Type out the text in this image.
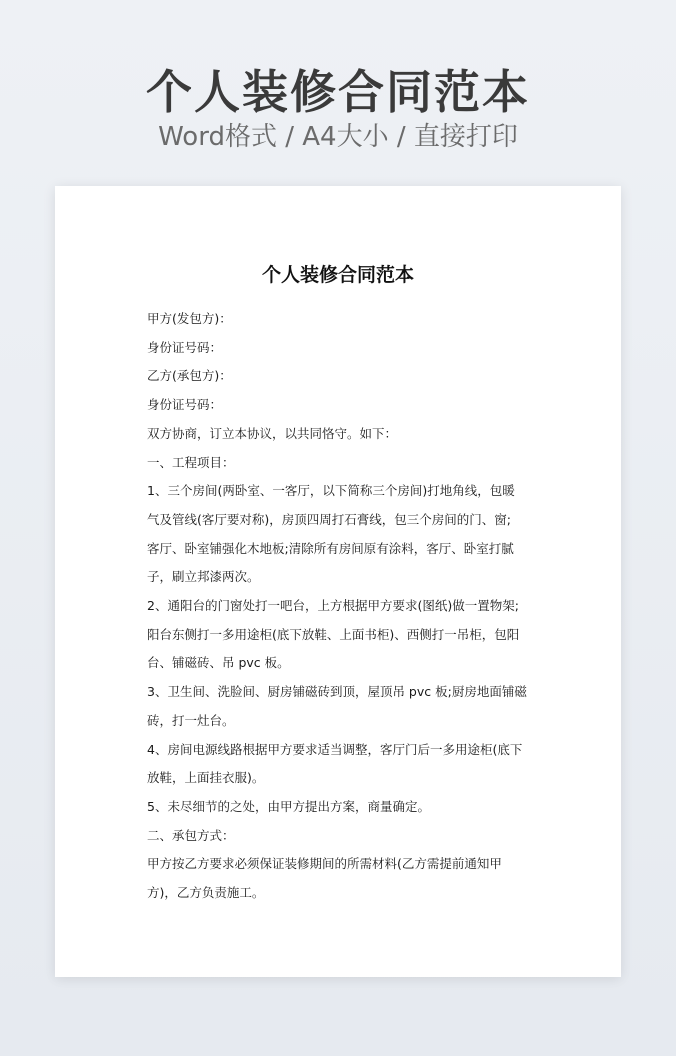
个人装修合同范本
Word格式 / A4大小 / 直接打印
个人装修合同范本
甲方(发包方)：
身份证号码：
乙方(承包方)：
身份证号码：
双方协商，订立本协议，以共同恪守。如下：
一、工程项目：
1、三个房间(两卧室、一客厅，以下简称三个房间)打地角线，包暖
气及管线(客厅要对称)，房顶四周打石膏线，包三个房间的门、窗;
客厅、卧室铺强化木地板;清除所有房间原有涂料，客厅、卧室打腻
子，刷立邦漆两次。
2、通阳台的门窗处打一吧台，上方根据甲方要求(图纸)做一置物架;
阳台东侧打一多用途柜(底下放鞋、上面书柜)、西侧打一吊柜，包阳
台、铺磁砖、吊 pvc 板。
3、卫生间、洗脸间、厨房铺磁砖到顶，屋顶吊 pvc 板;厨房地面铺磁
砖，打一灶台。
4、房间电源线路根据甲方要求适当调整，客厅门后一多用途柜(底下
放鞋，上面挂衣服)。
5、未尽细节的之处，由甲方提出方案，商量确定。
二、承包方式：
甲方按乙方要求必须保证装修期间的所需材料(乙方需提前通知甲
方)，乙方负责施工。
